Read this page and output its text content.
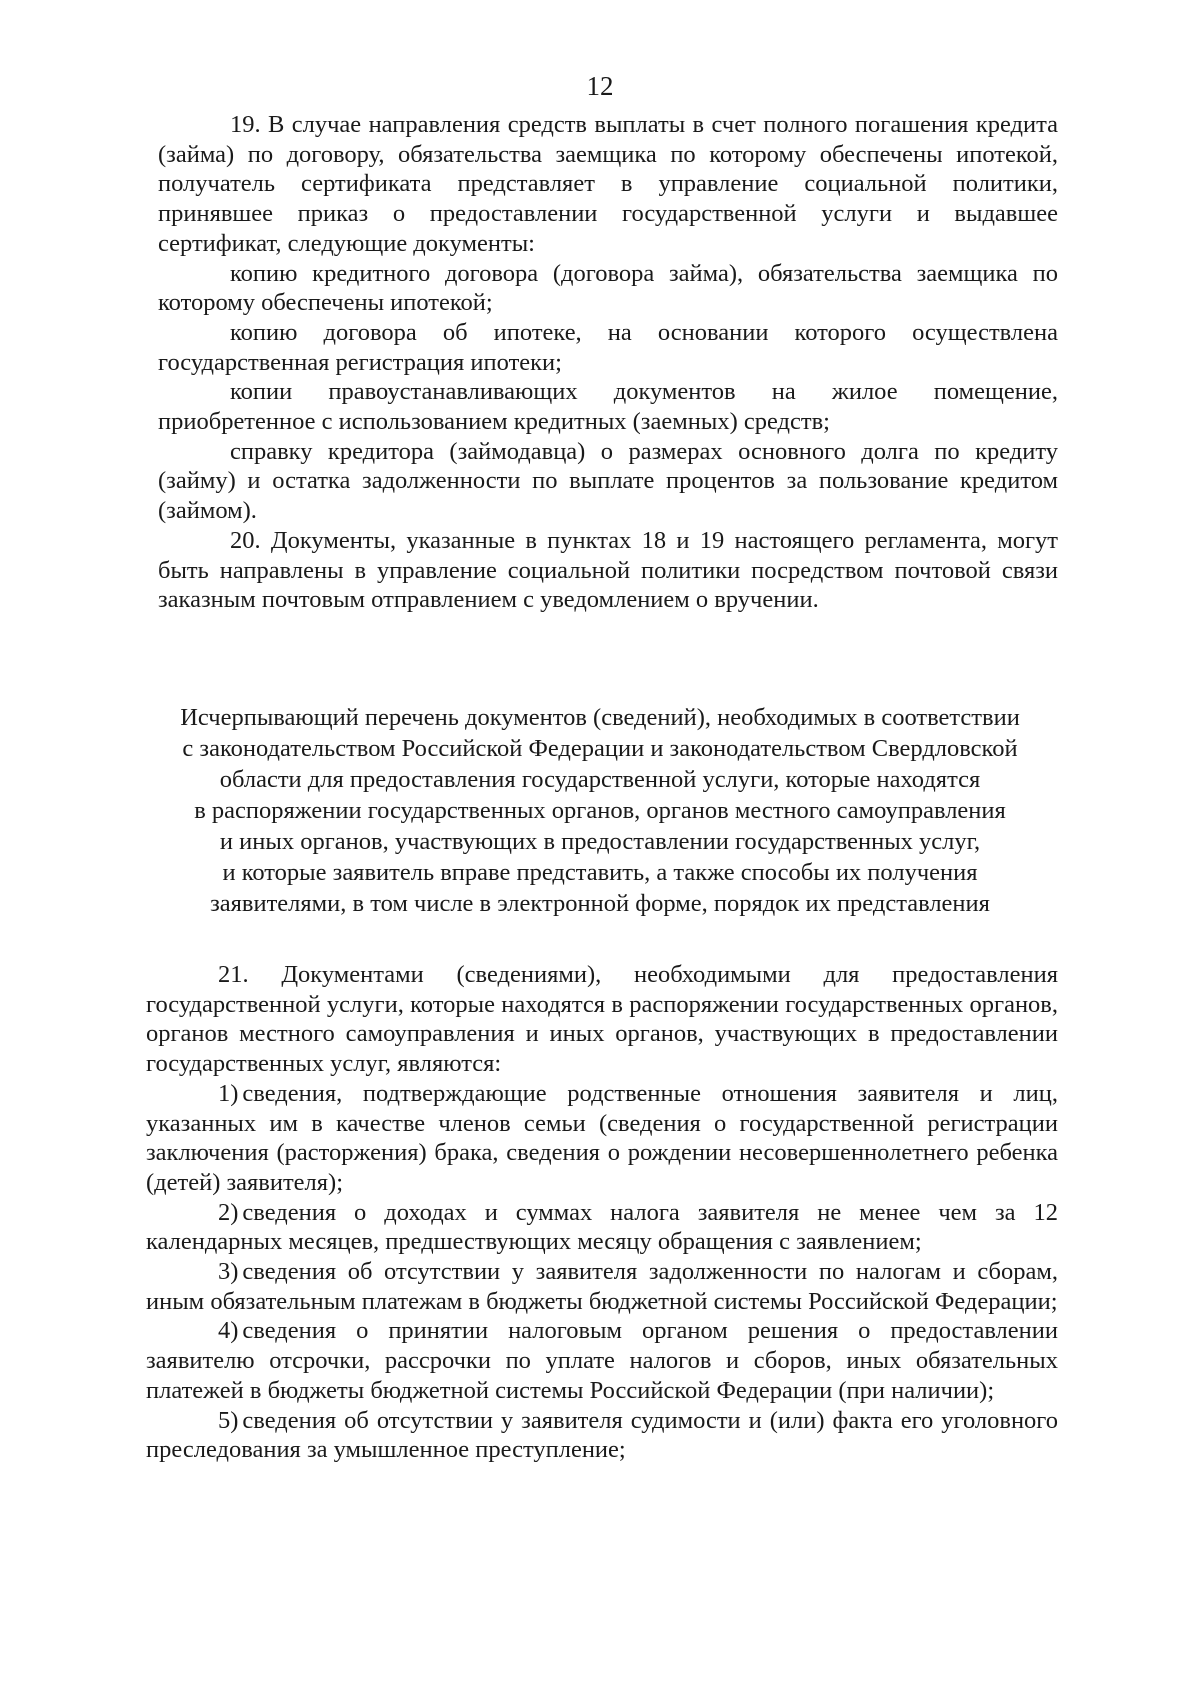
12

19. В случае направления средств выплаты в счет полного погашения кредита (займа) по договору, обязательства заемщика по которому обеспечены ипотекой, получатель сертификата представляет в управление социальной политики, принявшее приказ о предоставлении государственной услуги и выдавшее сертификат, следующие документы:

копию кредитного договора (договора займа), обязательства заемщика по которому обеспечены ипотекой;

копию договора об ипотеке, на основании которого осуществлена государственная регистрация ипотеки;

копии правоустанавливающих документов на жилое помещение, приобретенное с использованием кредитных (заемных) средств;

справку кредитора (займодавца) о размерах основного долга по кредиту (займу) и остатка задолженности по выплате процентов за пользование кредитом (займом).

20. Документы, указанные в пунктах 18 и 19 настоящего регламента, могут быть направлены в управление социальной политики посредством почтовой связи заказным почтовым отправлением с уведомлением о вручении.

Исчерпывающий перечень документов (сведений), необходимых в соответствии
с законодательством Российской Федерации и законодательством Свердловской
области для предоставления государственной услуги, которые находятся
в распоряжении государственных органов, органов местного самоуправления
и иных органов, участвующих в предоставлении государственных услуг,
и которые заявитель вправе представить, а также способы их получения
заявителями, в том числе в электронной форме, порядок их представления

21. Документами (сведениями), необходимыми для предоставления государственной услуги, которые находятся в распоряжении государственных органов, органов местного самоуправления и иных органов, участвующих в предоставлении государственных услуг, являются:

1) сведения, подтверждающие родственные отношения заявителя и лиц, указанных им в качестве членов семьи (сведения о государственной регистрации заключения (расторжения) брака, сведения о рождении несовершеннолетнего ребенка (детей) заявителя);

2) сведения о доходах и суммах налога заявителя не менее чем за 12 календарных месяцев, предшествующих месяцу обращения с заявлением;

3) сведения об отсутствии у заявителя задолженности по налогам и сборам, иным обязательным платежам в бюджеты бюджетной системы Российской Федерации;

4) сведения о принятии налоговым органом решения о предоставлении заявителю отсрочки, рассрочки по уплате налогов и сборов, иных обязательных платежей в бюджеты бюджетной системы Российской Федерации (при наличии);

5) сведения об отсутствии у заявителя судимости и (или) факта его уголовного преследования за умышленное преступление;
